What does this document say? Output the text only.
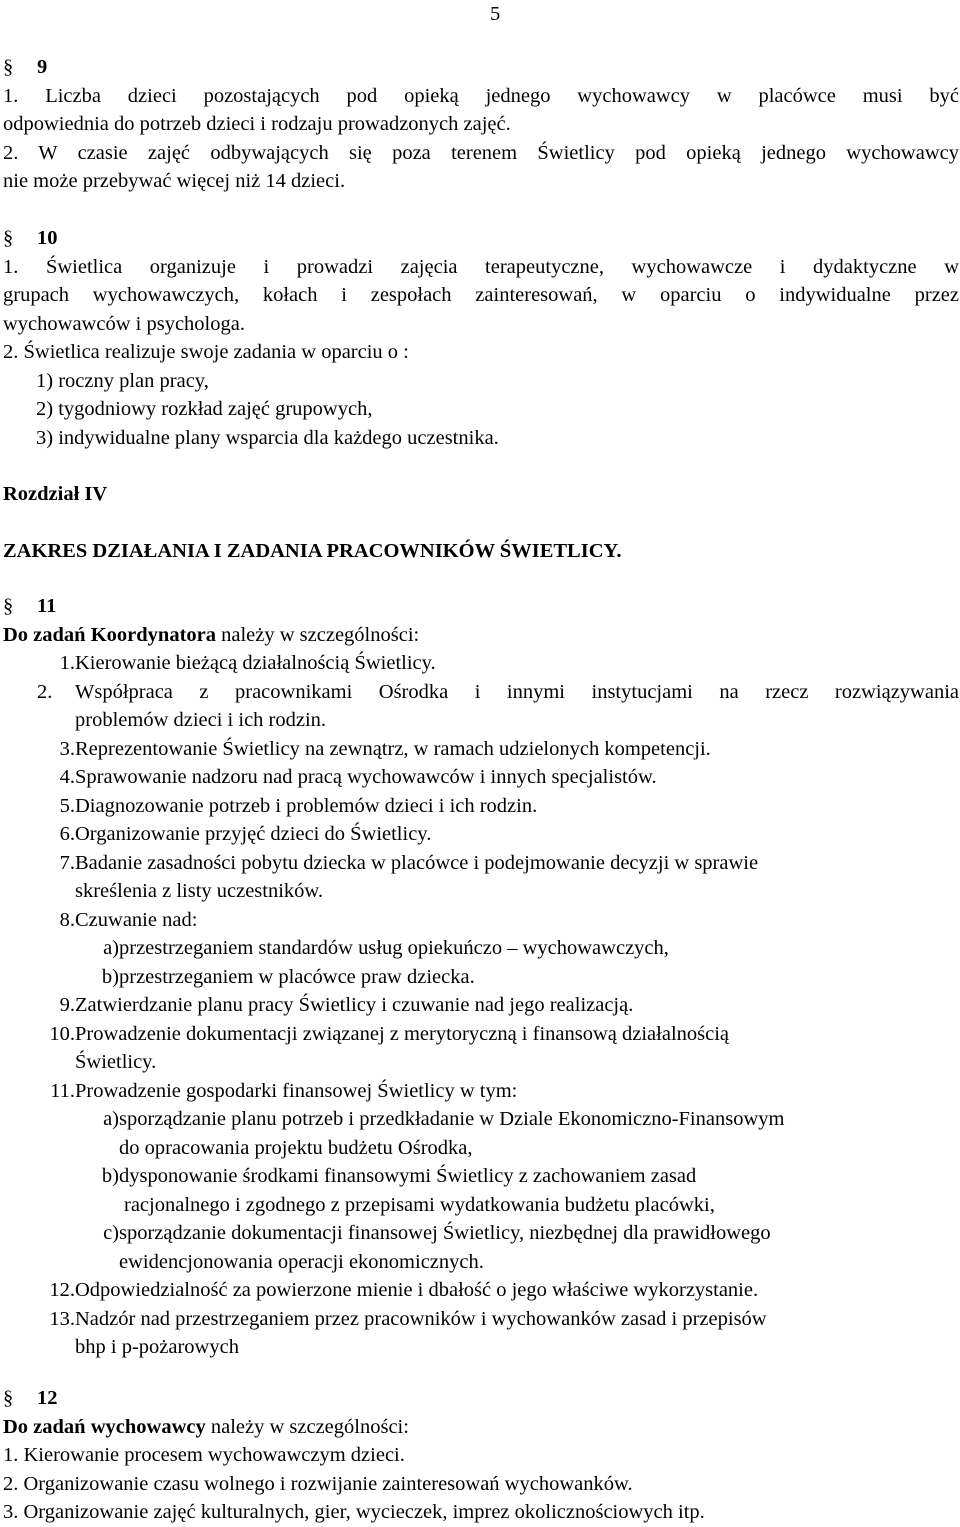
5
§ 9
1. Liczba dzieci pozostających pod opieką jednego wychowawcy w placówce musi być
odpowiednia do potrzeb dzieci i rodzaju prowadzonych zajęć.
2. W czasie zajęć odbywających się poza terenem Świetlicy pod opieką jednego wychowawcy
nie może przebywać więcej niż 14 dzieci.
§ 10
1. Świetlica organizuje i prowadzi zajęcia terapeutyczne, wychowawcze i dydaktyczne w
grupach wychowawczych, kołach i zespołach zainteresowań, w oparciu o indywidualne przez
wychowawców i psychologa.
2. Świetlica realizuje swoje zadania w oparciu o :
1) roczny plan pracy,
2) tygodniowy rozkład zajęć grupowych,
3) indywidualne plany wsparcia dla każdego uczestnika.
Rozdział IV
ZAKRES DZIAŁANIA I ZADANIA PRACOWNIKÓW ŚWIETLICY.
§ 11
Do zadań Koordynatora należy w szczególności:
1.Kierowanie bieżącą działalnością Świetlicy.
2. Współpraca z pracownikami Ośrodka i innymi instytucjami na rzecz rozwiązywania
problemów dzieci i ich rodzin.
3.Reprezentowanie Świetlicy na zewnątrz, w ramach udzielonych kompetencji.
4.Sprawowanie nadzoru nad pracą wychowawców i innych specjalistów.
5.Diagnozowanie potrzeb i problemów dzieci i ich rodzin.
6.Organizowanie przyjęć dzieci do Świetlicy.
7.Badanie zasadności pobytu dziecka w placówce i podejmowanie decyzji w sprawie
skreślenia z listy uczestników.
8.Czuwanie nad:
a)przestrzeganiem standardów usług opiekuńczo – wychowawczych,
b)przestrzeganiem w placówce praw dziecka.
9.Zatwierdzanie planu pracy Świetlicy i czuwanie nad jego realizacją.
10.Prowadzenie dokumentacji związanej z merytoryczną i finansową działalnością
Świetlicy.
11.Prowadzenie gospodarki finansowej Świetlicy w tym:
a)sporządzanie planu potrzeb i przedkładanie w Dziale Ekonomiczno-Finansowym
do opracowania projektu budżetu Ośrodka,
b)dysponowanie środkami finansowymi Świetlicy z zachowaniem zasad
racjonalnego i zgodnego z przepisami wydatkowania budżetu placówki,
c)sporządzanie dokumentacji finansowej Świetlicy, niezbędnej dla prawidłowego
ewidencjonowania operacji ekonomicznych.
12.Odpowiedzialność za powierzone mienie i dbałość o jego właściwe wykorzystanie.
13.Nadzór nad przestrzeganiem przez pracowników i wychowanków zasad i przepisów
bhp i p-pożarowych
§ 12
Do zadań wychowawcy należy w szczególności:
1. Kierowanie procesem wychowawczym dzieci.
2. Organizowanie czasu wolnego i rozwijanie zainteresowań wychowanków.
3. Organizowanie zajęć kulturalnych, gier, wycieczek, imprez okolicznościowych itp.
